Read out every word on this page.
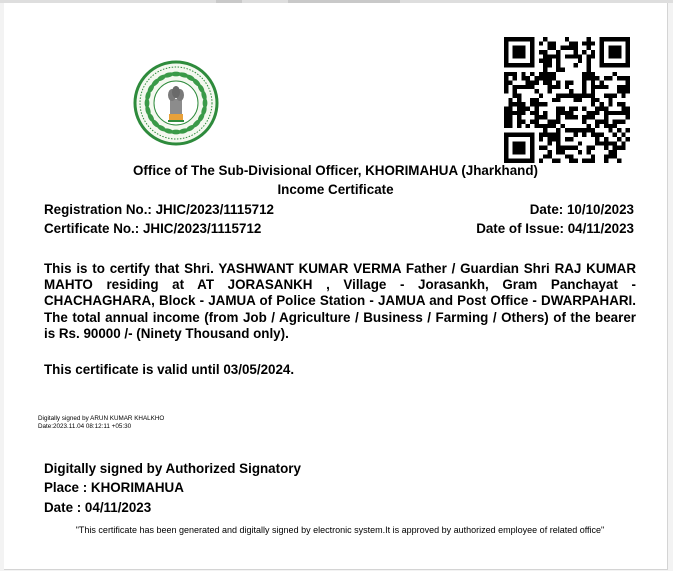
Office of The Sub-Divisional Officer, KHORIMAHUA (Jharkhand)
Income Certificate
Registration No.: JHIC/2023/1115712	Date: 10/10/2023
Certificate No.: JHIC/2023/1115712	Date of Issue: 04/11/2023
This is to certify that Shri. YASHWANT KUMAR VERMA Father / Guardian Shri RAJ KUMAR MAHTO residing at AT JORASANKH , Village - Jorasankh, Gram Panchayat - CHACHAGHARA, Block - JAMUA of Police Station - JAMUA and Post Office - DWARPAHARI. The total annual income (from Job / Agriculture / Business / Farming / Others) of the bearer is Rs. 90000 /- (Ninety Thousand only).
This certificate is valid until 03/05/2024.
Digitally signed by ARUN KUMAR KHALKHO
Date:2023.11.04 08:12:11 +05:30
Digitally signed by Authorized Signatory
Place : KHORIMAHUA
Date : 04/11/2023
"This certificate has been generated and digitally signed by electronic system.It is approved by authorized employee of related office"
